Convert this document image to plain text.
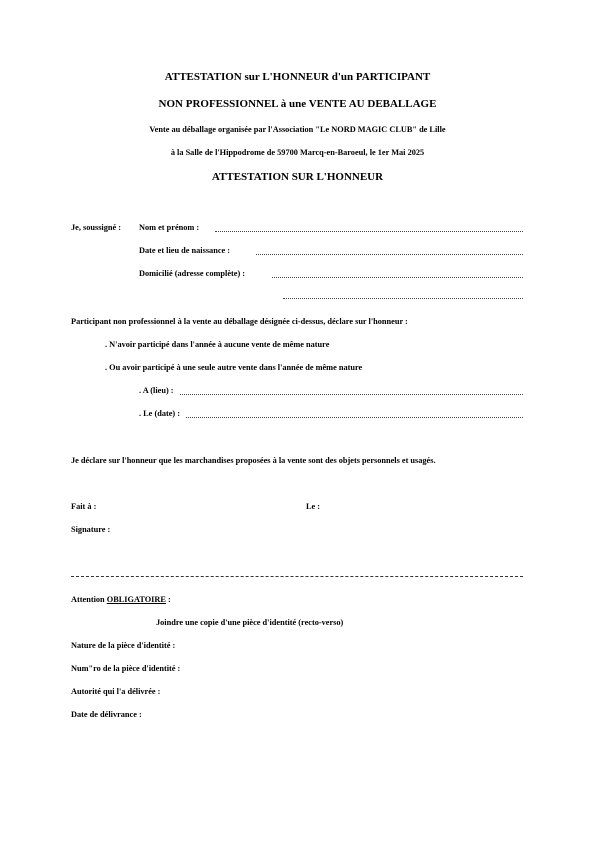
ATTESTATION sur L'HONNEUR d'un PARTICIPANT
NON PROFESSIONNEL à une VENTE AU DEBALLAGE
Vente au déballage organisée par l'Association "Le NORD MAGIC CLUB" de Lille
à la Salle de l'Hippodrome de 59700 Marcq-en-Baroeul, le 1er Mai 2025
ATTESTATION SUR L'HONNEUR
Je, soussigné : Nom et prénom :
Date et lieu de naissance :
Domicilié (adresse complète) :
Participant non professionnel à la vente au déballage désignée ci-dessus, déclare sur l'honneur :
. N'avoir participé dans l'année à aucune vente de même nature
. Ou avoir participé à une seule autre vente dans l'année de même nature
. A (lieu) :
. Le (date) :
Je déclare sur l'honneur que les marchandises proposées à la vente sont des objets personnels et usagés.
Fait à :	Le :
Signature :
Attention OBLIGATOIRE :
Joindre une copie d'une pièce d'identité (recto-verso)
Nature de la pièce d'identité :
Num"ro de la pièce d'identité :
Autorité qui l'a délivrée :
Date de délivrance :
